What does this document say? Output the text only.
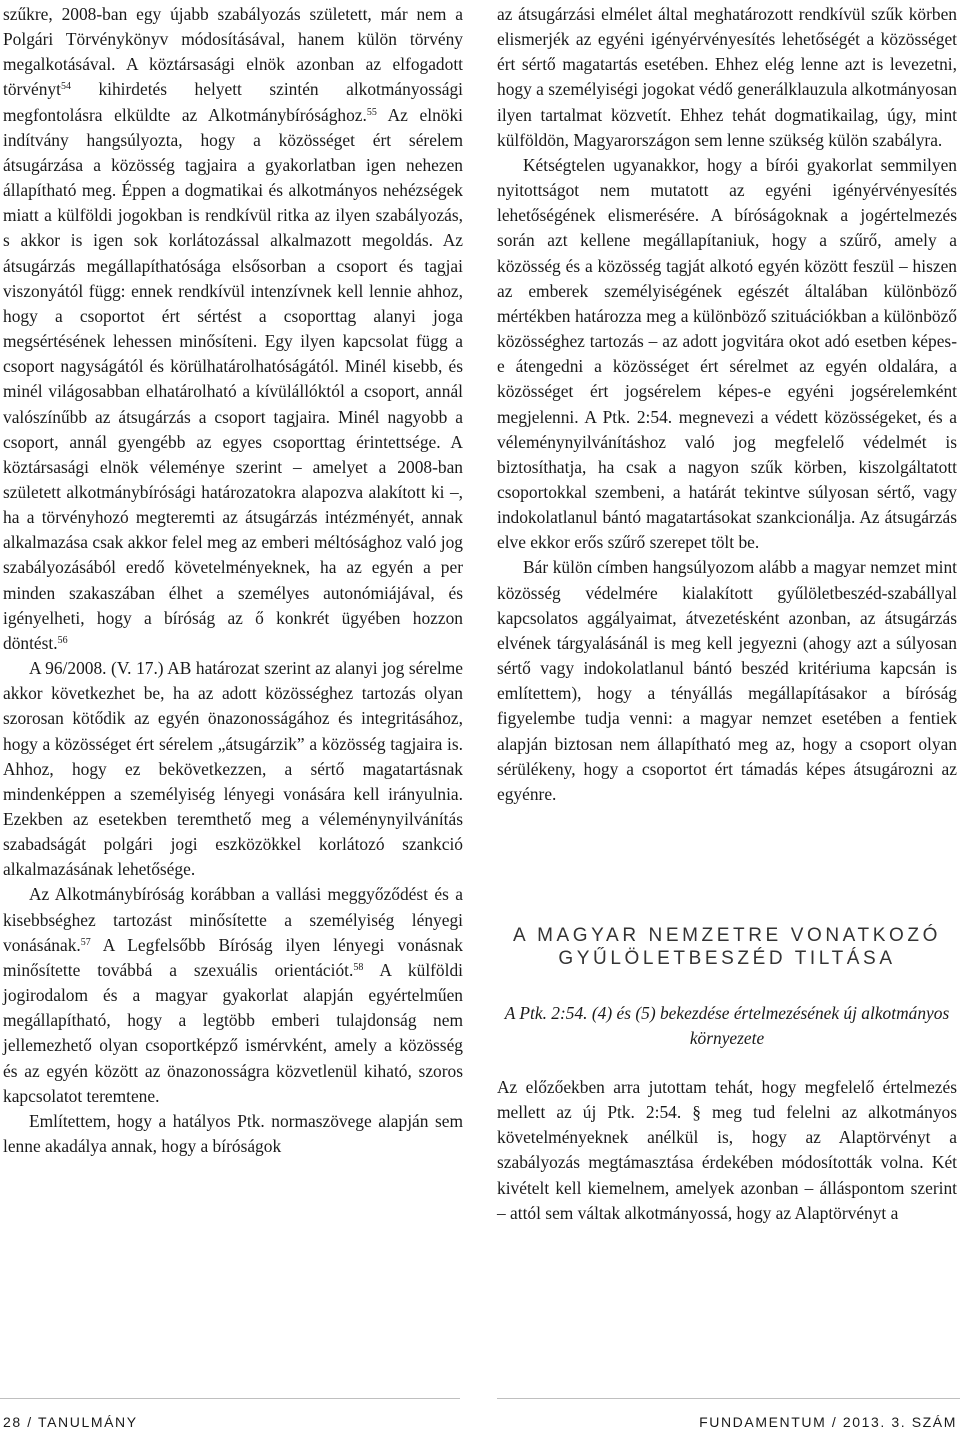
szűkre, 2008-ban egy újabb szabályozás született, már nem a Polgári Törvénykönyv módosításával, hanem külön törvény megalkotásával. A köztársasági elnök azonban az elfogadott törvényt$^{54}$ kihirdetés helyett szintén alkotmányossági megfontolásra elküldte az Alkotmánybírósághoz.$^{55}$ Az elnöki indítvány hangsúlyozta, hogy a közösséget ért sérelem átsugárzása a közösség tagjaira a gyakorlatban igen nehezen állapítható meg. Éppen a dogmatikai és alkotmányos nehézségek miatt a külföldi jogokban is rendkívül ritka az ilyen szabályozás, s akkor is igen sok korlátozással alkalmazott megoldás. Az átsugárzás megállapíthatósága elsősorban a csoport és tagjai viszonyától függ: ennek rendkívül intenzívnek kell lennie ahhoz, hogy a csoportot ért sértést a csoporttag alanyi joga megsértésének lehessen minősíteni. Egy ilyen kapcsolat függ a csoport nagyságától és körülhatárolhatóságától. Minél kisebb, és minél világosabban elhatárolható a kívülállóktól a csoport, annál valószínűbb az átsugárzás a csoport tagjaira. Minél nagyobb a csoport, annál gyengébb az egyes csoporttag érintettsége. A köztársasági elnök véleménye szerint – amelyet a 2008-ban született alkotmánybírósági határozatokra alapozva alakított ki –, ha a törvényhozó megteremti az átsugárzás intézményét, annak alkalmazása csak akkor felel meg az emberi méltósághoz való jog szabályozásából eredő követelményeknek, ha az egyén a per minden szakaszában élhet a személyes autonómiájával, és igényelheti, hogy a bíróság az ő konkrét ügyében hozzon döntést.$^{56}$

A 96/2008. (V. 17.) AB határozat szerint az alanyi jog sérelme akkor következhet be, ha az adott közösséghez tartozás olyan szorosan kötődik az egyén önazonosságához és integritásához, hogy a közösséget ért sérelem „átsugárzik” a közösség tagjaira is. Ahhoz, hogy ez bekövetkezzen, a sértő magatartásnak mindenképpen a személyiség lényegi vonására kell irányulnia. Ezekben az esetekben teremthető meg a véleménynyilvánítás szabadságát polgári jogi eszközökkel korlátozó szankció alkalmazásának lehetősége.

Az Alkotmánybíróság korábban a vallási meggyőződést és a kisebbséghez tartozást minősítette a személyiség lényegi vonásának.$^{57}$ A Legfelsőbb Bíróság ilyen lényegi vonásnak minősítette továbbá a szexuális orientációt.$^{58}$ A külföldi jogirodalom és a magyar gyakorlat alapján egyértelműen megállapítható, hogy a legtöbb emberi tulajdonság nem jellemezhető olyan csoportképző ismérvként, amely a közösség és az egyén között az önazonosságra közvetlenül kiható, szoros kapcsolatot teremtene.

Említettem, hogy a hatályos Ptk. normaszövege alapján sem lenne akadálya annak, hogy a bíróságok

az átsugárzási elmélet által meghatározott rendkívül szűk körben elismerjék az egyéni igényérvényesítés lehetőségét a közösséget ért sértő magatartás esetében. Ehhez elég lenne azt is levezetni, hogy a személyiségi jogokat védő generálklauzula alkotmányosan ilyen tartalmat közvetít. Ehhez tehát dogmatikailag, úgy, mint külföldön, Magyarországon sem lenne szükség külön szabályra.

Kétségtelen ugyanakkor, hogy a bírói gyakorlat semmilyen nyitottságot nem mutatott az egyéni igényérvényesítés lehetőségének elismerésére. A bíróságoknak a jogértelmezés során azt kellene megállapítaniuk, hogy a szűrő, amely a közösség és a közösség tagját alkotó egyén között feszül – hiszen az emberek személyiségének egészét általában különböző mértékben határozza meg a különböző szituációkban a különböző közösséghez tartozás – az adott jogvitára okot adó esetben képes-e átengedni a közösséget ért sérelmet az egyén oldalára, a közösséget ért jogsérelem képes-e egyéni jogsérelemként megjelenni. A Ptk. 2:54. megnevezi a védett közösségeket, és a véleménynyilvánításhoz való jog megfelelő védelmét is biztosíthatja, ha csak a nagyon szűk körben, kiszolgáltatott csoportokkal szembeni, a határát tekintve súlyosan sértő, vagy indokolatlanul bántó magatartásokat szankcionálja. Az átsugárzás elve ekkor erős szűrő szerepet tölt be.

Bár külön címben hangsúlyozom alább a magyar nemzet mint közösség védelmére kialakított gyűlöletbeszéd-szabállyal kapcsolatos aggályaimat, átvezetésként azonban, az átsugárzás elvének tárgyalásánál is meg kell jegyezni (ahogy azt a súlyosan sértő vagy indokolatlanul bántó beszéd kritériuma kapcsán is említettem), hogy a tényállás megállapításakor a bíróság figyelembe tudja venni: a magyar nemzet esetében a fentiek alapján biztosan nem állapítható meg az, hogy a csoport olyan sérülékeny, hogy a csoportot ért támadás képes átsugározni az egyénre.

A MAGYAR NEMZETRE VONATKOZÓ GYŰLÖLETBESZÉD TILTÁSA
A Ptk. 2:54. (4) és (5) bekezdése értelmezésének új alkotmányos környezete

Az előzőekben arra jutottam tehát, hogy megfelelő értelmezés mellett az új Ptk. 2:54. § meg tud felelni az alkotmányos követelményeknek anélkül is, hogy az Alaptörvényt a szabályozás megtámasztása érdekében módosították volna. Két kivételt kell kiemelnem, amelyek azonban – álláspontom szerint – attól sem váltak alkotmányossá, hogy az Alaptörvényt a

28 / TANULMÁNY	FUNDAMENTUM / 2013. 3. SZÁM
